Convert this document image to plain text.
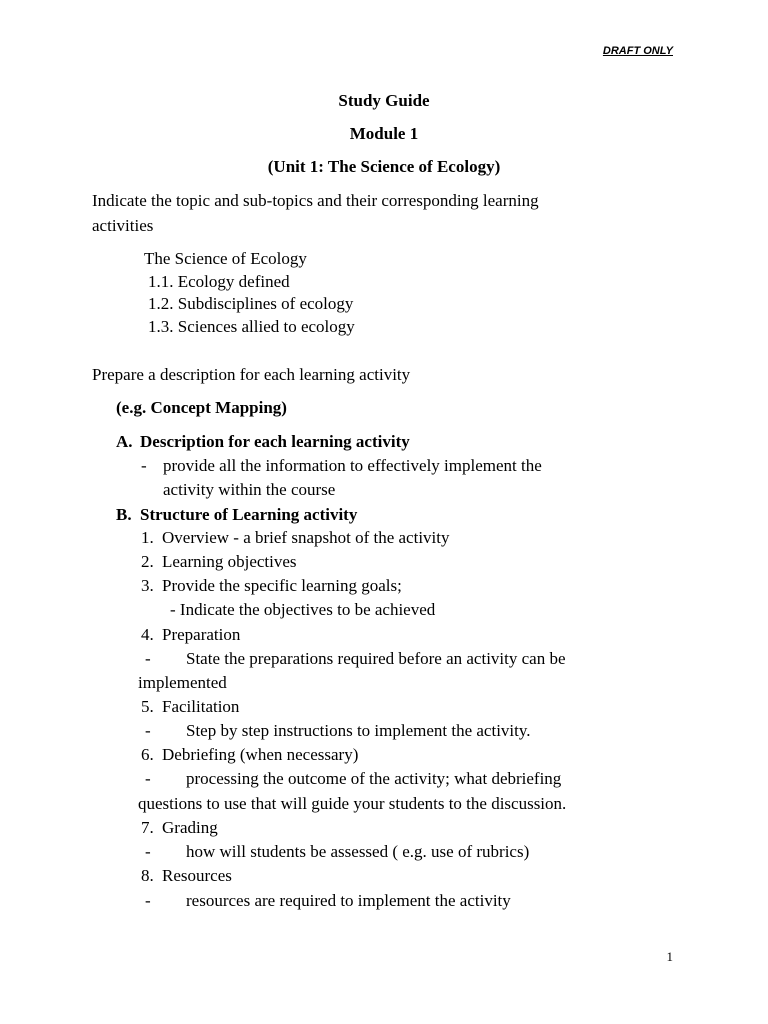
DRAFT ONLY
Study Guide
Module 1
(Unit 1: The Science of Ecology)
Indicate the topic and sub-topics and their corresponding learning
activities
The Science of Ecology
1.1. Ecology defined
1.2. Subdisciplines of ecology
1.3. Sciences allied to ecology
Prepare a description for each learning activity
(e.g. Concept Mapping)
A. Description for each learning activity
- provide all the information to effectively implement the
activity within the course
B. Structure of Learning activity
1. Overview - a brief snapshot of the activity
2. Learning objectives
3. Provide the specific learning goals;
- Indicate the objectives to be achieved
4. Preparation
- State the preparations required before an activity can be
implemented
5. Facilitation
- Step by step instructions to implement the activity.
6. Debriefing (when necessary)
- processing the outcome of the activity; what debriefing
questions to use that will guide your students to the discussion.
7. Grading
- how will students be assessed ( e.g. use of rubrics)
8. Resources
- resources are required to implement the activity
1
